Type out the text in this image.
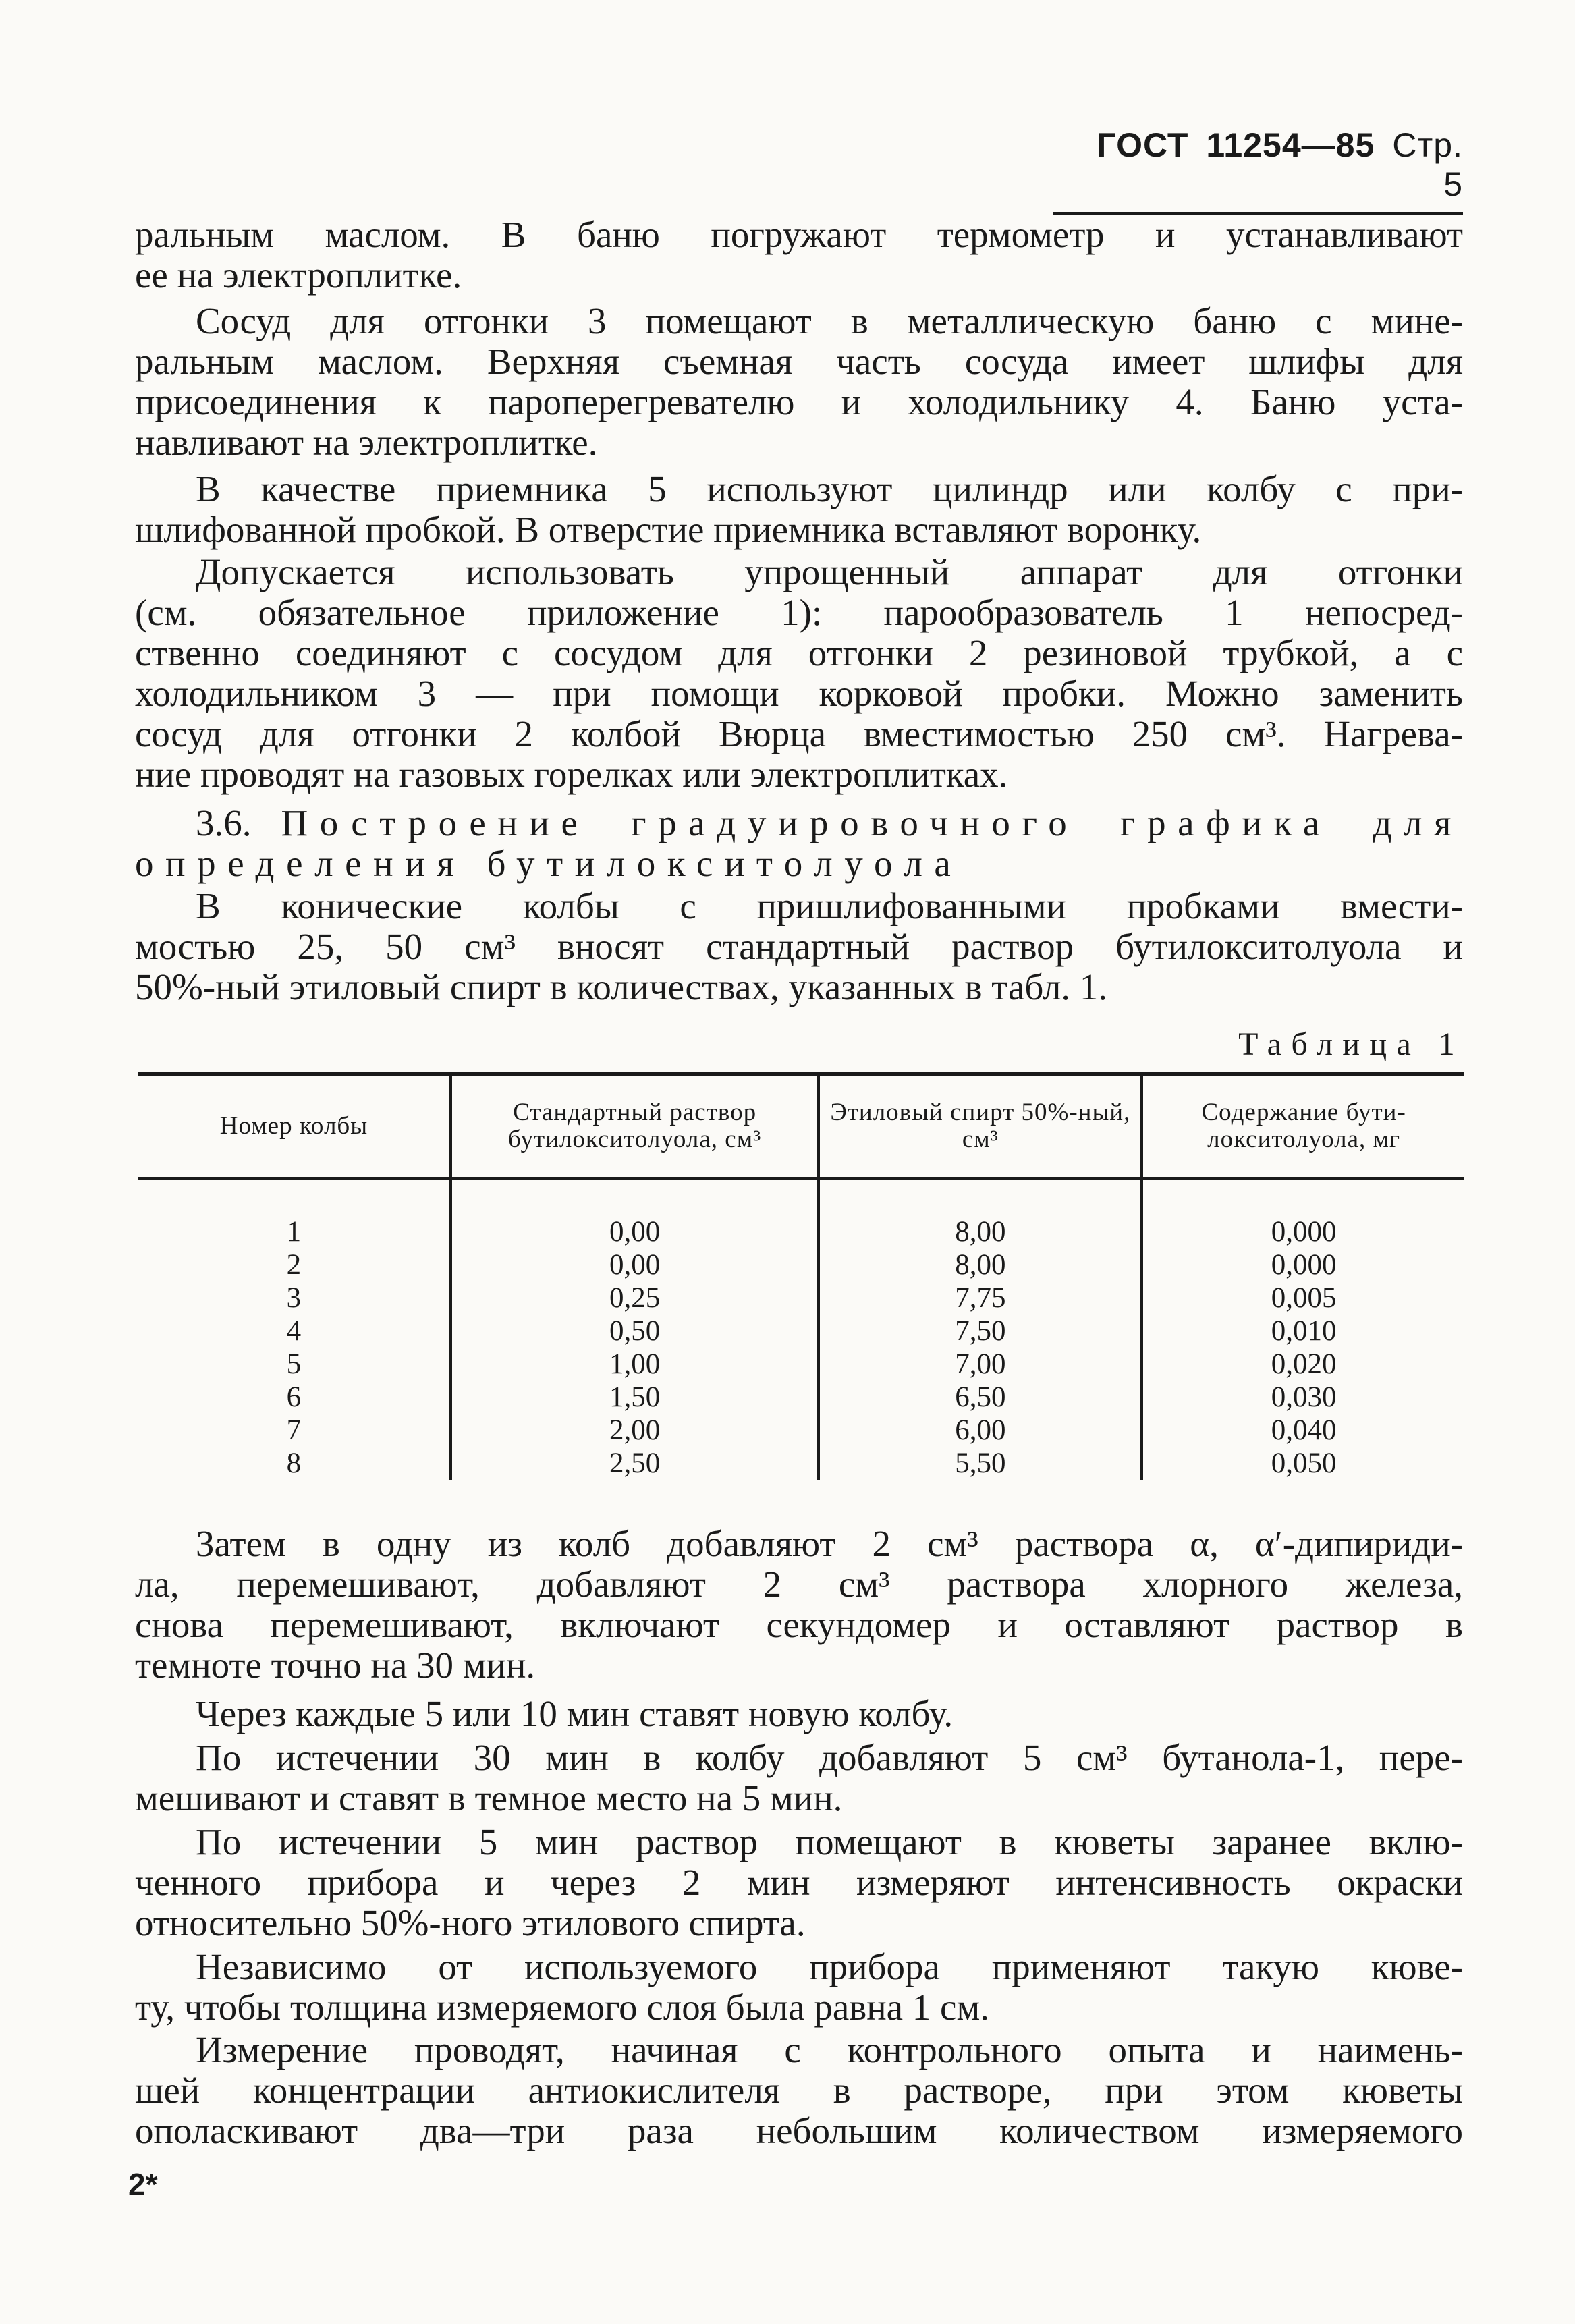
ГОСТ 11254—85 Стр. 5
ральным маслом. В баню погружают термометр и устанавливают
ее на электроплитке.
Сосуд для отгонки 3 помещают в металлическую баню с мине-
ральным маслом. Верхняя съемная часть сосуда имеет шлифы для
присоединения к пароперегревателю и холодильнику 4. Баню уста-
навливают на электроплитке.
В качестве приемника 5 используют цилиндр или колбу с при-
шлифованной пробкой. В отверстие приемника вставляют воронку.
Допускается использовать упрощенный аппарат для отгонки
(см. обязательное приложение 1): парообразователь 1 непосред-
ственно соединяют с сосудом для отгонки 2 резиновой трубкой, а с
холодильником 3 — при помощи корковой пробки. Можно заменить
сосуд для отгонки 2 колбой Вюрца вместимостью 250 см³. Нагрева-
ние проводят на газовых горелках или электроплитках.
3.6. Построение градуировочного графика для
определения бутилокситолуола
В конические колбы с пришлифованными пробками вмести-
мостью 25, 50 см³ вносят стандартный раствор бутилокситолуола и
50%-ный этиловый спирт в количествах, указанных в табл. 1.
Таблица 1
Номер колбы	Стандартный раствор бутилокситолуола, см³	Этиловый спирт 50%-ный, см³	Содержание бути-локситолуола, мг
1	0,00	8,00	0,000
2	0,00	8,00	0,000
3	0,25	7,75	0,005
4	0,50	7,50	0,010
5	1,00	7,00	0,020
6	1,50	6,50	0,030
7	2,00	6,00	0,040
8	2,50	5,50	0,050
Затем в одну из колб добавляют 2 см³ раствора α, α′-дипириди-
ла, перемешивают, добавляют 2 см³ раствора хлорного железа,
снова перемешивают, включают секундомер и оставляют раствор в
темноте точно на 30 мин.
Через каждые 5 или 10 мин ставят новую колбу.
По истечении 30 мин в колбу добавляют 5 см³ бутанола-1, пере-
мешивают и ставят в темное место на 5 мин.
По истечении 5 мин раствор помещают в кюветы заранее вклю-
ченного прибора и через 2 мин измеряют интенсивность окраски
относительно 50%-ного этилового спирта.
Независимо от используемого прибора применяют такую кюве-
ту, чтобы толщина измеряемого слоя была равна 1 см.
Измерение проводят, начиная с контрольного опыта и наимень-
шей концентрации антиокислителя в растворе, при этом кюветы
ополаскивают два—три раза небольшим количеством измеряемого
2*
